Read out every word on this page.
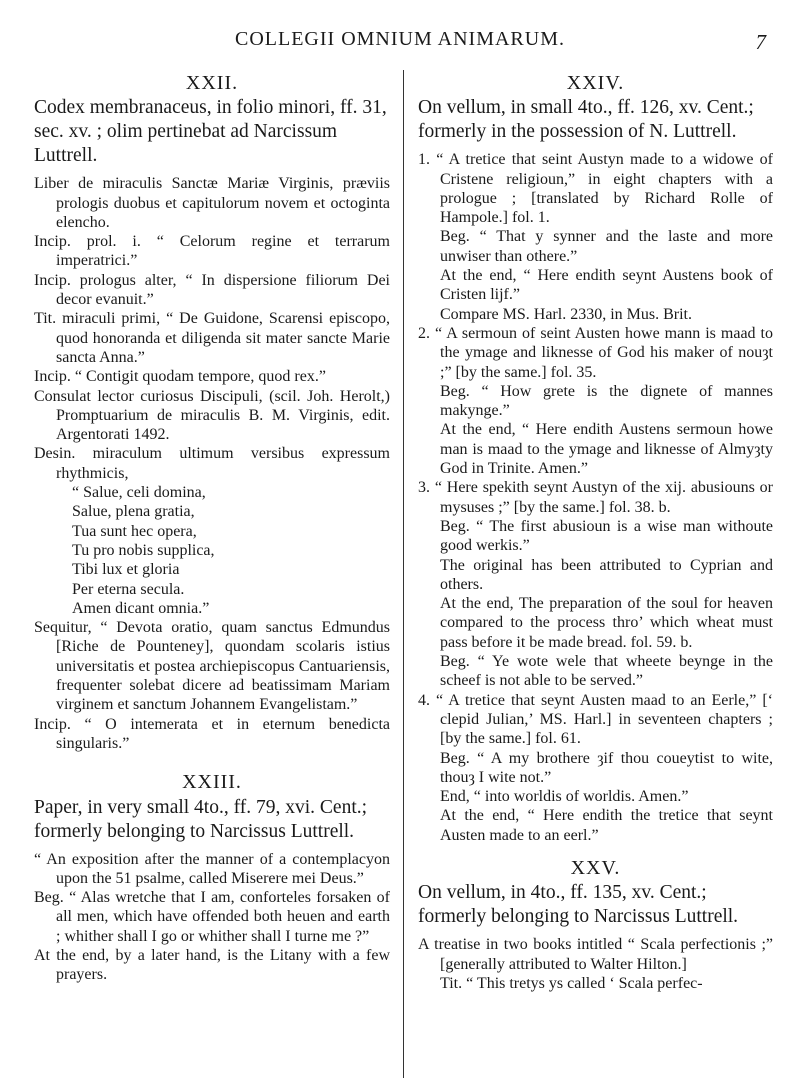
COLLEGII OMNIUM ANIMARUM.	7
XXII.
Codex membranaceus, in folio minori, ff. 31, sec. xv. ; olim pertinebat ad Narcissum Luttrell.

Liber de miraculis Sanctæ Mariæ Virginis, præviis prologis duobus et capitulorum novem et octoginta elencho.

Incip. prol. i. “ Celorum regine et terrarum imperatrici.”

Incip. prologus alter, “ In dispersione filiorum Dei decor evanuit.”

Tit. miraculi primi, “ De Guidone, Scarensi episcopo, quod honoranda et diligenda sit mater sancte Marie sancta Anna.”

Incip. “ Contigit quodam tempore, quod rex.”

Consulat lector curiosus Discipuli, (scil. Joh. Herolt,) Promptuarium de miraculis B. M. Virginis, edit. Argentorati 1492.

Desin. miraculum ultimum versibus expressum rhythmicis,

“ Salue, celi domina,

Salue, plena gratia,

Tua sunt hec opera,

Tu pro nobis supplica,

Tibi lux et gloria

Per eterna secula.

Amen dicant omnia.”

Sequitur, “ Devota oratio, quam sanctus Edmundus [Riche de Pounteney], quondam scolaris istius universitatis et postea archiepiscopus Cantuariensis, frequenter solebat dicere ad beatissimam Mariam virginem et sanctum Johannem Evangelistam.”

Incip. “ O intemerata et in eternum benedicta singularis.”

XXIII.
Paper, in very small 4to., ff. 79, xvi. Cent.; formerly belonging to Narcissus Luttrell.

“ An exposition after the manner of a contemplacyon upon the 51 psalme, called Miserere mei Deus.”

Beg. “ Alas wretche that I am, conforteles forsaken of all men, which have offended both heuen and earth ; whither shall I go or whither shall I turne me ?”

At the end, by a later hand, is the Litany with a few prayers.

XXIV.
On vellum, in small 4to., ff. 126, xv. Cent.; formerly in the possession of N. Luttrell.

1. “ A tretice that seint Austyn made to a widowe of Cristene religioun,” in eight chapters with a prologue ; [translated by Richard Rolle of Hampole.] fol. 1.

Beg. “ That y synner and the laste and more unwiser than othere.”

At the end, “ Here endith seynt Austens book of Cristen lijf.”

Compare MS. Harl. 2330, in Mus. Brit.

2. “ A sermoun of seint Austen howe mann is maad to the ymage and liknesse of God his maker of nouȝt ;” [by the same.] fol. 35.

Beg. “ How grete is the dignete of mannes makynge.”

At the end, “ Here endith Austens sermoun howe man is maad to the ymage and liknesse of Almyȝty God in Trinite. Amen.”

3. “ Here spekith seynt Austyn of the xij. abusiouns or mysuses ;” [by the same.] fol. 38. b.

Beg. “ The first abusioun is a wise man withoute good werkis.”

The original has been attributed to Cyprian and others.

At the end, The preparation of the soul for heaven compared to the process thro’ which wheat must pass before it be made bread. fol. 59. b.

Beg. “ Ye wote wele that wheete beynge in the scheef is not able to be served.”

4. “ A tretice that seynt Austen maad to an Eerle,” [‘ clepid Julian,’ MS. Harl.] in seventeen chapters ; [by the same.] fol. 61.

Beg. “ A my brothere ȝif thou coueytist to wite, thouȝ I wite not.”

End, “ into worldis of worldis. Amen.”

At the end, “ Here endith the tretice that seynt Austen made to an eerl.”

XXV.
On vellum, in 4to., ff. 135, xv. Cent.; formerly belonging to Narcissus Luttrell.

A treatise in two books intitled “ Scala perfectionis ;” [generally attributed to Walter Hilton.]

Tit. “ This tretys ys called ‘ Scala perfec-
